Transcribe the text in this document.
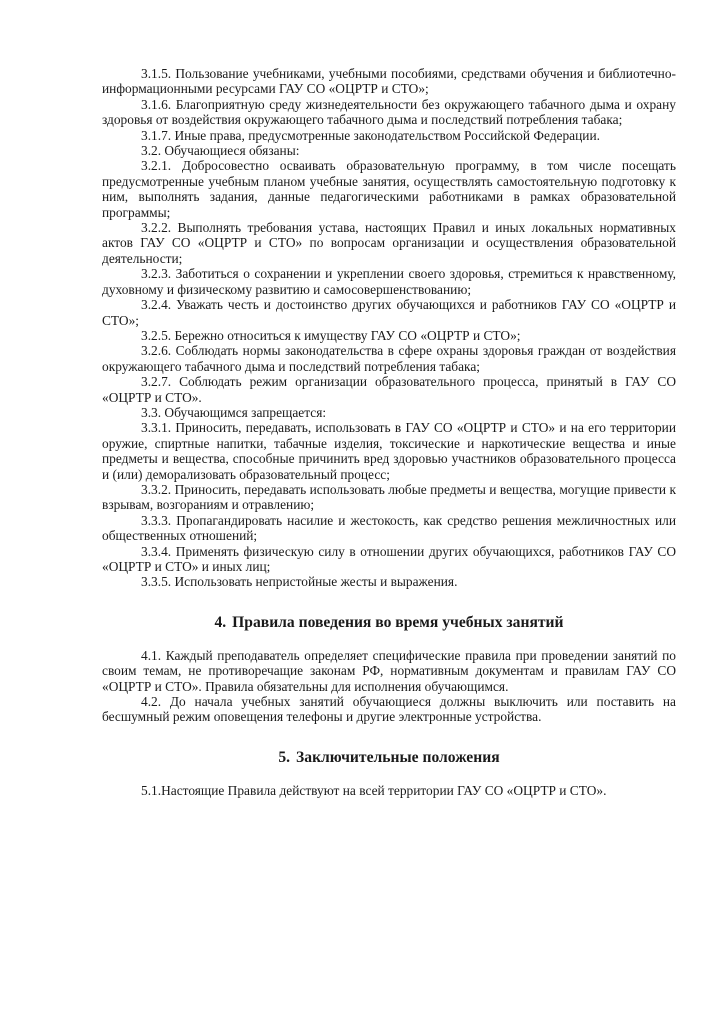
3.1.5. Пользование учебниками, учебными пособиями, средствами обучения и библиотечно-информационными ресурсами ГАУ СО «ОЦРТР и СТО»;

3.1.6. Благоприятную среду жизнедеятельности без окружающего табачного дыма и охрану здоровья от воздействия окружающего табачного дыма и последствий потребления табака;

3.1.7. Иные права, предусмотренные законодательством Российской Федерации.

3.2. Обучающиеся обязаны:

3.2.1. Добросовестно осваивать образовательную программу, в том числе посещать предусмотренные учебным планом учебные занятия, осуществлять самостоятельную подготовку к ним, выполнять задания, данные педагогическими работниками в рамках образовательной программы;

3.2.2. Выполнять требования устава, настоящих Правил и иных локальных нормативных актов ГАУ СО «ОЦРТР и СТО» по вопросам организации и осуществления образовательной деятельности;

3.2.3. Заботиться о сохранении и укреплении своего здоровья, стремиться к нравственному, духовному и физическому развитию и самосовершенствованию;

3.2.4. Уважать честь и достоинство других обучающихся и работников ГАУ СО «ОЦРТР и СТО»;

3.2.5. Бережно относиться к имуществу ГАУ СО «ОЦРТР и СТО»;

3.2.6. Соблюдать нормы законодательства в сфере охраны здоровья граждан от воздействия окружающего табачного дыма и последствий потребления табака;

3.2.7. Соблюдать режим организации образовательного процесса, принятый в ГАУ СО «ОЦРТР и СТО».

3.3. Обучающимся запрещается:

3.3.1. Приносить, передавать, использовать в ГАУ СО «ОЦРТР и СТО» и на его территории оружие, спиртные напитки, табачные изделия, токсические и наркотические вещества и иные предметы и вещества, способные причинить вред здоровью участников образовательного процесса и (или) деморализовать образовательный процесс;

3.3.2. Приносить, передавать использовать любые предметы и вещества, могущие привести к взрывам, возгораниям и отравлению;

3.3.3. Пропагандировать насилие и жестокость, как средство решения межличностных или общественных отношений;

3.3.4. Применять физическую силу в отношении других обучающихся, работников ГАУ СО «ОЦРТР и СТО» и иных лиц;

3.3.5. Использовать непристойные жесты и выражения.

4. Правила поведения во время учебных занятий

4.1. Каждый преподаватель определяет специфические правила при проведении занятий по своим темам, не противоречащие законам РФ, нормативным документам и правилам ГАУ СО «ОЦРТР и СТО». Правила обязательны для исполнения обучающимся.

4.2. До начала учебных занятий обучающиеся должны выключить или поставить на бесшумный режим оповещения телефоны и другие электронные устройства.

5. Заключительные положения

5.1.Настоящие Правила действуют на всей территории ГАУ СО «ОЦРТР и СТО».
